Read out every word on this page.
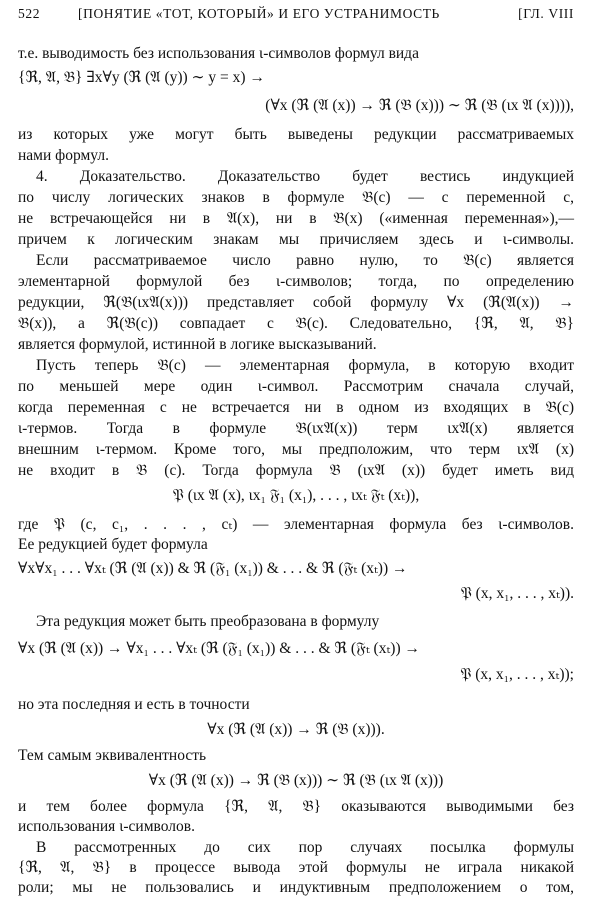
522	[ПОНЯТИЕ «ТОТ, КОТОРЫЙ» И ЕГО УСТРАНИМОСТЬ	[ГЛ. VIII
т.е. выводимость без использования ι-символов формул вида
{ℜ, 𝔄, 𝔅} ∃x∀y (ℜ (𝔄 (y)) ∼ y = x) →
(∀x (ℜ (𝔄 (x)) → ℜ (𝔅 (x))) ∼ ℜ (𝔅 (ιx 𝔄 (x)))),
из которых уже могут быть выведены редукции рассматриваемых
нами формул.
4. Доказательство. Доказательство будет вестись индукцией
по числу логических знаков в формуле 𝔅(c) — с переменной c,
не встречающейся ни в 𝔄(x), ни в 𝔅(x) («именная переменная»),—
причем к логическим знакам мы причисляем здесь и ι-символы.
Если рассматриваемое число равно нулю, то 𝔅(c) является
элементарной формулой без ι-символов; тогда, по определению
редукции, ℜ(𝔅(ιx𝔄(x))) представляет собой формулу ∀x (ℜ(𝔄(x)) →
𝔅(x)), а ℜ(𝔅(c)) совпадает с 𝔅(c). Следовательно, {ℜ, 𝔄, 𝔅}
является формулой, истинной в логике высказываний.
Пусть теперь 𝔅(c) — элементарная формула, в которую входит
по меньшей мере один ι-символ. Рассмотрим сначала случай,
когда переменная c не встречается ни в одном из входящих в 𝔅(c)
ι-термов. Тогда в формуле 𝔅(ιx𝔄(x)) терм ιx𝔄(x) является
внешним ι-термом. Кроме того, мы предположим, что терм ιx𝔄 (x)
не входит в 𝔅 (c). Тогда формула 𝔅 (ιx𝔄 (x)) будет иметь вид
𝔓 (ιx 𝔄 (x), ιx₁ 𝔉₁ (x₁), . . . , ιxₜ 𝔉ₜ (xₜ)),
где 𝔓 (c, c₁, . . . , cₜ) — элементарная формула без ι-символов.
Ее редукцией будет формула
∀x∀x₁ . . . ∀xₜ (ℜ (𝔄 (x)) & ℜ (𝔉₁ (x₁)) & . . . & ℜ (𝔉ₜ (xₜ)) →
𝔓 (x, x₁, . . . , xₜ)).
Эта редукция может быть преобразована в формулу
∀x (ℜ (𝔄 (x)) → ∀x₁ . . . ∀xₜ (ℜ (𝔉₁ (x₁)) & . . . & ℜ (𝔉ₜ (xₜ)) →
𝔓 (x, x₁, . . . , xₜ));
но эта последняя и есть в точности
∀x (ℜ (𝔄 (x)) → ℜ (𝔅 (x))).
Тем самым эквивалентность
∀x (ℜ (𝔄 (x)) → ℜ (𝔅 (x))) ∼ ℜ (𝔅 (ιx 𝔄 (x)))
и тем более формула {ℜ, 𝔄, 𝔅} оказываются выводимыми без
использования ι-символов.
В рассмотренных до сих пор случаях посылка формулы
{ℜ, 𝔄, 𝔅} в процессе вывода этой формулы не играла никакой
роли; мы не пользовались и индуктивным предположением о том,
